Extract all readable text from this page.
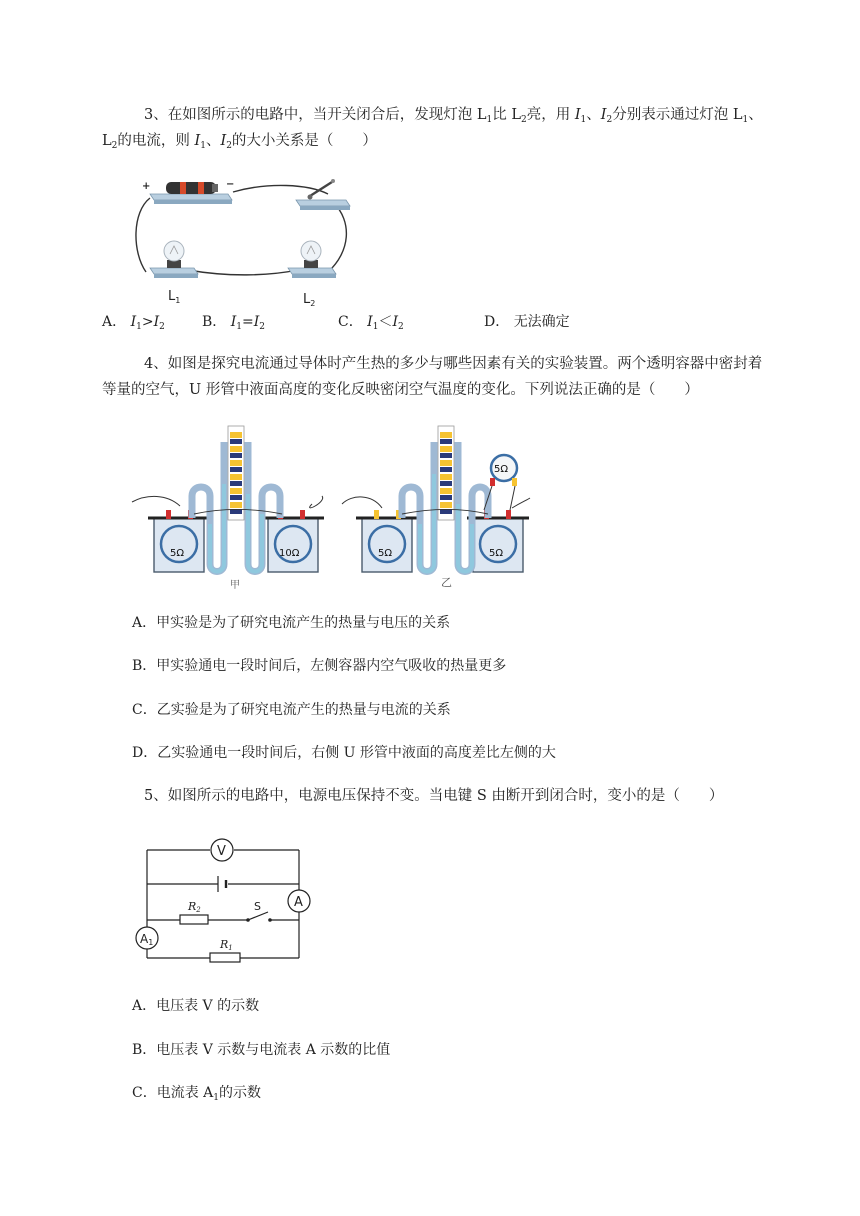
3、在如图所示的电路中，当开关闭合后，发现灯泡 $L_1$比 $L_2$亮，用 $I_1$、$I_2$分别表示通过灯泡 $L_1$、
$L_2$的电流，则 $I_1$、$I_2$的大小关系是（　　）
+	−
$L_1$	$L_2$
A． $I_1>I_2$	B． $I_1=I_2$	C． $I_1<I_2$	D． 无法确定
4、如图是探究电流通过导体时产生热的多少与哪些因素有关的实验装置。两个透明容器中密封着
等量的空气，U 形管中液面高度的变化反映密闭空气温度的变化。下列说法正确的是（　　）
5Ω	10Ω
甲
5Ω
5Ω	5Ω
乙
A．甲实验是为了研究电流产生的热量与电压的关系
B．甲实验通电一段时间后，左侧容器内空气吸收的热量更多
C．乙实验是为了研究电流产生的热量与电流的关系
D．乙实验通电一段时间后，右侧 U 形管中液面的高度差比左侧的大
5、如图所示的电路中，电源电压保持不变。当电键 S 由断开到闭合时，变小的是（　　）
V
A
A1
R2
R1
S
A．电压表 V 的示数
B．电压表 V 示数与电流表 A 示数的比值
C．电流表 $A_1$的示数
